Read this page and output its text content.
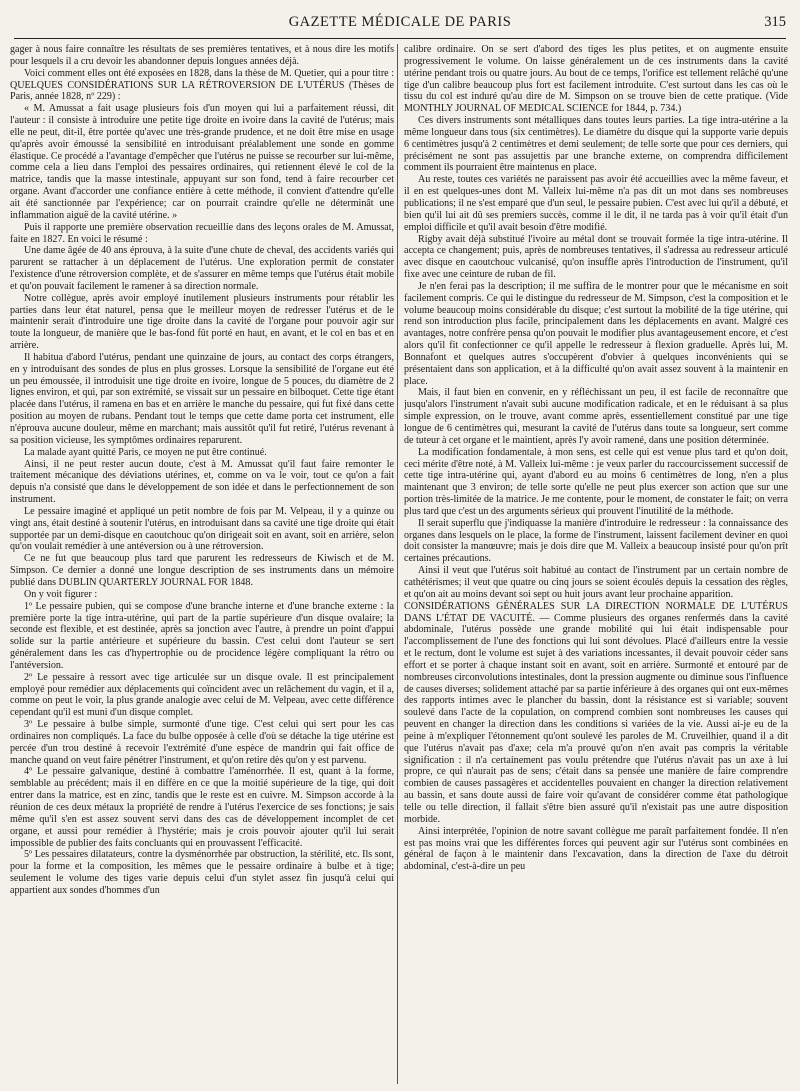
GAZETTE MÉDICALE DE PARIS	315

gager à nous faire connaître les résultats de ses premières tentatives, et à nous dire les motifs pour lesquels il a cru devoir les abandonner depuis longues années déjà.

Voici comment elles ont été exposées en 1828, dans la thèse de M. Quetier, qui a pour titre : QUELQUES CONSIDÉRATIONS SUR LA RÉTROVERSION DE L'UTÉRUS (Thèses de Paris, année 1828, nº 229) :

« M. Amussat a fait usage plusieurs fois d'un moyen qui lui a parfaitement réussi, dit l'auteur : il consiste à introduire une petite tige droite en ivoire dans la cavité de l'utérus; mais elle ne peut, dit-il, être portée qu'avec une très-grande prudence, et ne doit être mise en usage qu'après avoir émoussé la sensibilité en introduisant préalablement une sonde en gomme élastique. Ce procédé a l'avantage d'empêcher que l'utérus ne puisse se recourber sur lui-même, comme cela a lieu dans l'emploi des pessaires ordinaires, qui retiennent élevé le col de la matrice, tandis que la masse intestinale, appuyant sur son fond, tend à faire recourber cet organe. Avant d'accorder une confiance entière à cette méthode, il convient d'attendre qu'elle ait été sanctionnée par l'expérience; car on pourrait craindre qu'elle ne déterminât une inflammation aiguë de la cavité utérine. »

Puis il rapporte une première observation recueillie dans des leçons orales de M. Amussat, faite en 1827. En voici le résumé :

Une dame âgée de 40 ans éprouva, à la suite d'une chute de cheval, des accidents variés qui parurent se rattacher à un déplacement de l'utérus. Une exploration permit de constater l'existence d'une rétroversion complète, et de s'assurer en même temps que l'utérus était mobile et qu'on pouvait facilement le ramener à sa direction normale.

Notre collègue, après avoir employé inutilement plusieurs instruments pour rétablir les parties dans leur état naturel, pensa que le meilleur moyen de redresser l'utérus et de le maintenir serait d'introduire une tige droite dans la cavité de l'organe pour pouvoir agir sur toute la longueur, de manière que le bas-fond fût porté en haut, en avant, et le col en bas et en arrière.

Il habitua d'abord l'utérus, pendant une quinzaine de jours, au contact des corps étrangers, en y introduisant des sondes de plus en plus grosses. Lorsque la sensibilité de l'organe eut été un peu émoussée, il introduisit une tige droite en ivoire, longue de 5 pouces, du diamètre de 2 lignes environ, et qui, par son extrémité, se vissait sur un pessaire en bilboquet. Cette tige étant placée dans l'utérus, il ramena en bas et en arrière le manche du pessaire, qui fut fixé dans cette position au moyen de rubans. Pendant tout le temps que cette dame porta cet instrument, elle n'éprouva aucune douleur, même en marchant; mais aussitôt qu'il fut retiré, l'utérus revenant à sa position vicieuse, les symptômes ordinaires reparurent.

La malade ayant quitté Paris, ce moyen ne put être continué.

Ainsi, il ne peut rester aucun doute, c'est à M. Amussat qu'il faut faire remonter le traitement mécanique des déviations utérines, et, comme on va le voir, tout ce qu'on a fait depuis n'a consisté que dans le développement de son idée et dans le perfectionnement de son instrument.

Le pessaire imaginé et appliqué un petit nombre de fois par M. Velpeau, il y a quinze ou vingt ans, était destiné à soutenir l'utérus, en introduisant dans sa cavité une tige droite qui était supportée par un demi-disque en caoutchouc qu'on dirigeait soit en avant, soit en arrière, selon qu'on voulait remédier à une antéversion ou à une rétroversion.

Ce ne fut que beaucoup plus tard que parurent les redresseurs de Kiwisch et de M. Simpson. Ce dernier a donné une longue description de ses instruments dans un mémoire publié dans DUBLIN QUARTERLY JOURNAL FOR 1848.

On y voit figurer :

1º Le pessaire pubien, qui se compose d'une branche interne et d'une branche externe : la première porte la tige intra-utérine, qui part de la partie supérieure d'un disque ovalaire; la seconde est flexible, et est destinée, après sa jonction avec l'autre, à prendre un point d'appui solide sur la partie antérieure et supérieure du bassin. C'est celui dont l'auteur se sert généralement dans les cas d'hypertrophie ou de procidence légère compliquant la rétro ou l'antéversion.

2º Le pessaire à ressort avec tige articulée sur un disque ovale. Il est principalement employé pour remédier aux déplacements qui coïncident avec un relâchement du vagin, et il a, comme on peut le voir, la plus grande analogie avec celui de M. Velpeau, avec cette différence cependant qu'il est muni d'un disque complet.

3º Le pessaire à bulbe simple, surmonté d'une tige. C'est celui qui sert pour les cas ordinaires non compliqués. La face du bulbe opposée à celle d'où se détache la tige utérine est percée d'un trou destiné à recevoir l'extrémité d'une espèce de mandrin qui fait office de manche quand on veut faire pénétrer l'instrument, et qu'on retire dès qu'on y est parvenu.

4º Le pessaire galvanique, destiné à combattre l'aménorrhée. Il est, quant à la forme, semblable au précédent; mais il en diffère en ce que la moitié supérieure de la tige, qui doit entrer dans la matrice, est en zinc, tandis que le reste est en cuivre. M. Simpson accorde à la réunion de ces deux métaux la propriété de rendre à l'utérus l'exercice de ses fonctions; je sais même qu'il s'en est assez souvent servi dans des cas de développement incomplet de cet organe, et aussi pour remédier à l'hystérie; mais je crois pouvoir ajouter qu'il lui serait impossible de publier des faits concluants qui en prouvassent l'efficacité.

5º Les pessaires dilatateurs, contre la dysménorrhée par obstruction, la stérilité, etc. Ils sont, pour la forme et la composition, les mêmes que le pessaire ordinaire à bulbe et à tige; seulement le volume des tiges varie depuis celui d'un stylet assez fin jusqu'à celui qui appartient aux sondes d'hommes d'un

calibre ordinaire. On se sert d'abord des tiges les plus petites, et on augmente ensuite progressivement le volume. On laisse généralement un de ces instruments dans la cavité utérine pendant trois ou quatre jours. Au bout de ce temps, l'orifice est tellement relâché qu'une tige d'un calibre beaucoup plus fort est facilement introduite. C'est surtout dans les cas où le tissu du col est induré qu'au dire de M. Simpson on se trouve bien de cette pratique. (Vide MONTHLY JOURNAL OF MEDICAL SCIENCE for 1844, p. 734.)

Ces divers instruments sont métalliques dans toutes leurs parties. La tige intra-utérine a la même longueur dans tous (six centimètres). Le diamètre du disque qui la supporte varie depuis 6 centimètres jusqu'à 2 centimètres et demi seulement; de telle sorte que pour ces derniers, qui précisément ne sont pas assujettis par une branche externe, on comprendra difficilement comment ils pourraient être maintenus en place.

Au reste, toutes ces variétés ne paraissent pas avoir été accueillies avec la même faveur, et il en est quelques-unes dont M. Valleix lui-même n'a pas dit un mot dans ses nombreuses publications; il ne s'est emparé que d'un seul, le pessaire pubien. C'est avec lui qu'il a débuté, et bien qu'il lui ait dû ses premiers succès, comme il le dit, il ne tarda pas à voir qu'il était d'un emploi difficile et qu'il avait besoin d'être modifié.

Rigby avait déjà substitué l'ivoire au métal dont se trouvait formée la tige intra-utérine. Il accepta ce changement; puis, après de nombreuses tentatives, il s'adressa au redresseur articulé avec disque en caoutchouc vulcanisé, qu'on insuffle après l'introduction de l'instrument, qu'il fixe avec une ceinture de ruban de fil.

Je n'en ferai pas la description; il me suffira de le montrer pour que le mécanisme en soit facilement compris. Ce qui le distingue du redresseur de M. Simpson, c'est la composition et le volume beaucoup moins considérable du disque; c'est surtout la mobilité de la tige utérine, qui rend son introduction plus facile, principalement dans les déplacements en avant. Malgré ces avantages, notre confrère pensa qu'on pouvait le modifier plus avantageusement encore, et c'est alors qu'il fit confectionner ce qu'il appelle le redresseur à flexion graduelle. Après lui, M. Bonnafont et quelques autres s'occupèrent d'obvier à quelques inconvénients qui se présentaient dans son application, et à la difficulté qu'on avait assez souvent à la maintenir en place.

Mais, il faut bien en convenir, en y réfléchissant un peu, il est facile de reconnaître que jusqu'alors l'instrument n'avait subi aucune modification radicale, et en le réduisant à sa plus simple expression, on le trouve, avant comme après, essentiellement constitué par une tige longue de 6 centimètres qui, mesurant la cavité de l'utérus dans toute sa longueur, sert comme de tuteur à cet organe et le maintient, après l'y avoir ramené, dans une position déterminée.

La modification fondamentale, à mon sens, est celle qui est venue plus tard et qu'on doit, ceci mérite d'être noté, à M. Valleix lui-même : je veux parler du raccourcissement successif de cette tige intra-utérine qui, ayant d'abord eu au moins 6 centimètres de long, n'en a plus maintenant que 3 environ; de telle sorte qu'elle ne peut plus exercer son action que sur une portion très-limitée de la matrice. Je me contente, pour le moment, de constater le fait; on verra plus tard que c'est un des arguments sérieux qui prouvent l'inutilité de la méthode.

Il serait superflu que j'indiquasse la manière d'introduire le redresseur : la connaissance des organes dans lesquels on le place, la forme de l'instrument, laissent facilement deviner en quoi doit consister la manœuvre; mais je dois dire que M. Valleix a beaucoup insisté pour qu'on prît certaines précautions.

Ainsi il veut que l'utérus soit habitué au contact de l'instrument par un certain nombre de cathétérismes; il veut que quatre ou cinq jours se soient écoulés depuis la cessation des règles, et qu'on ait au moins devant soi sept ou huit jours avant leur prochaine apparition.

CONSIDÉRATIONS GÉNÉRALES SUR LA DIRECTION NORMALE DE L'UTÉRUS DANS L'ÉTAT DE VACUITÉ. — Comme plusieurs des organes renfermés dans la cavité abdominale, l'utérus possède une grande mobilité qui lui était indispensable pour l'accomplissement de l'une des fonctions qui lui sont dévolues. Placé d'ailleurs entre la vessie et le rectum, dont le volume est sujet à des variations incessantes, il devait pouvoir céder sans effort et se porter à chaque instant soit en avant, soit en arrière. Surmonté et entouré par de nombreuses circonvolutions intestinales, dont la pression augmente ou diminue sous l'influence de causes diverses; solidement attaché par sa partie inférieure à des organes qui ont eux-mêmes des rapports intimes avec le plancher du bassin, dont la résistance est si variable; souvent soulevé dans l'acte de la copulation, on comprend combien sont nombreuses les causes qui peuvent en changer la direction dans les conditions si variées de la vie. Aussi ai-je eu de la peine à m'expliquer l'étonnement qu'ont soulevé les paroles de M. Cruveilhier, quand il a dit que l'utérus n'avait pas d'axe; cela m'a prouvé qu'on n'en avait pas compris la véritable signification : il n'a certainement pas voulu prétendre que l'utérus n'avait pas un axe à lui propre, ce qui n'aurait pas de sens; c'était dans sa pensée une manière de faire comprendre combien de causes passagères et accidentelles pouvaient en changer la direction relativement au bassin, et sans doute aussi de faire voir qu'avant de considérer comme état pathologique telle ou telle direction, il fallait s'être bien assuré qu'il n'existait pas une autre disposition morbide.

Ainsi interprétée, l'opinion de notre savant collègue me paraît parfaitement fondée. Il n'en est pas moins vrai que les différentes forces qui peuvent agir sur l'utérus sont combinées en général de façon à le maintenir dans l'excavation, dans la direction de l'axe du détroit abdominal, c'est-à-dire un peu
